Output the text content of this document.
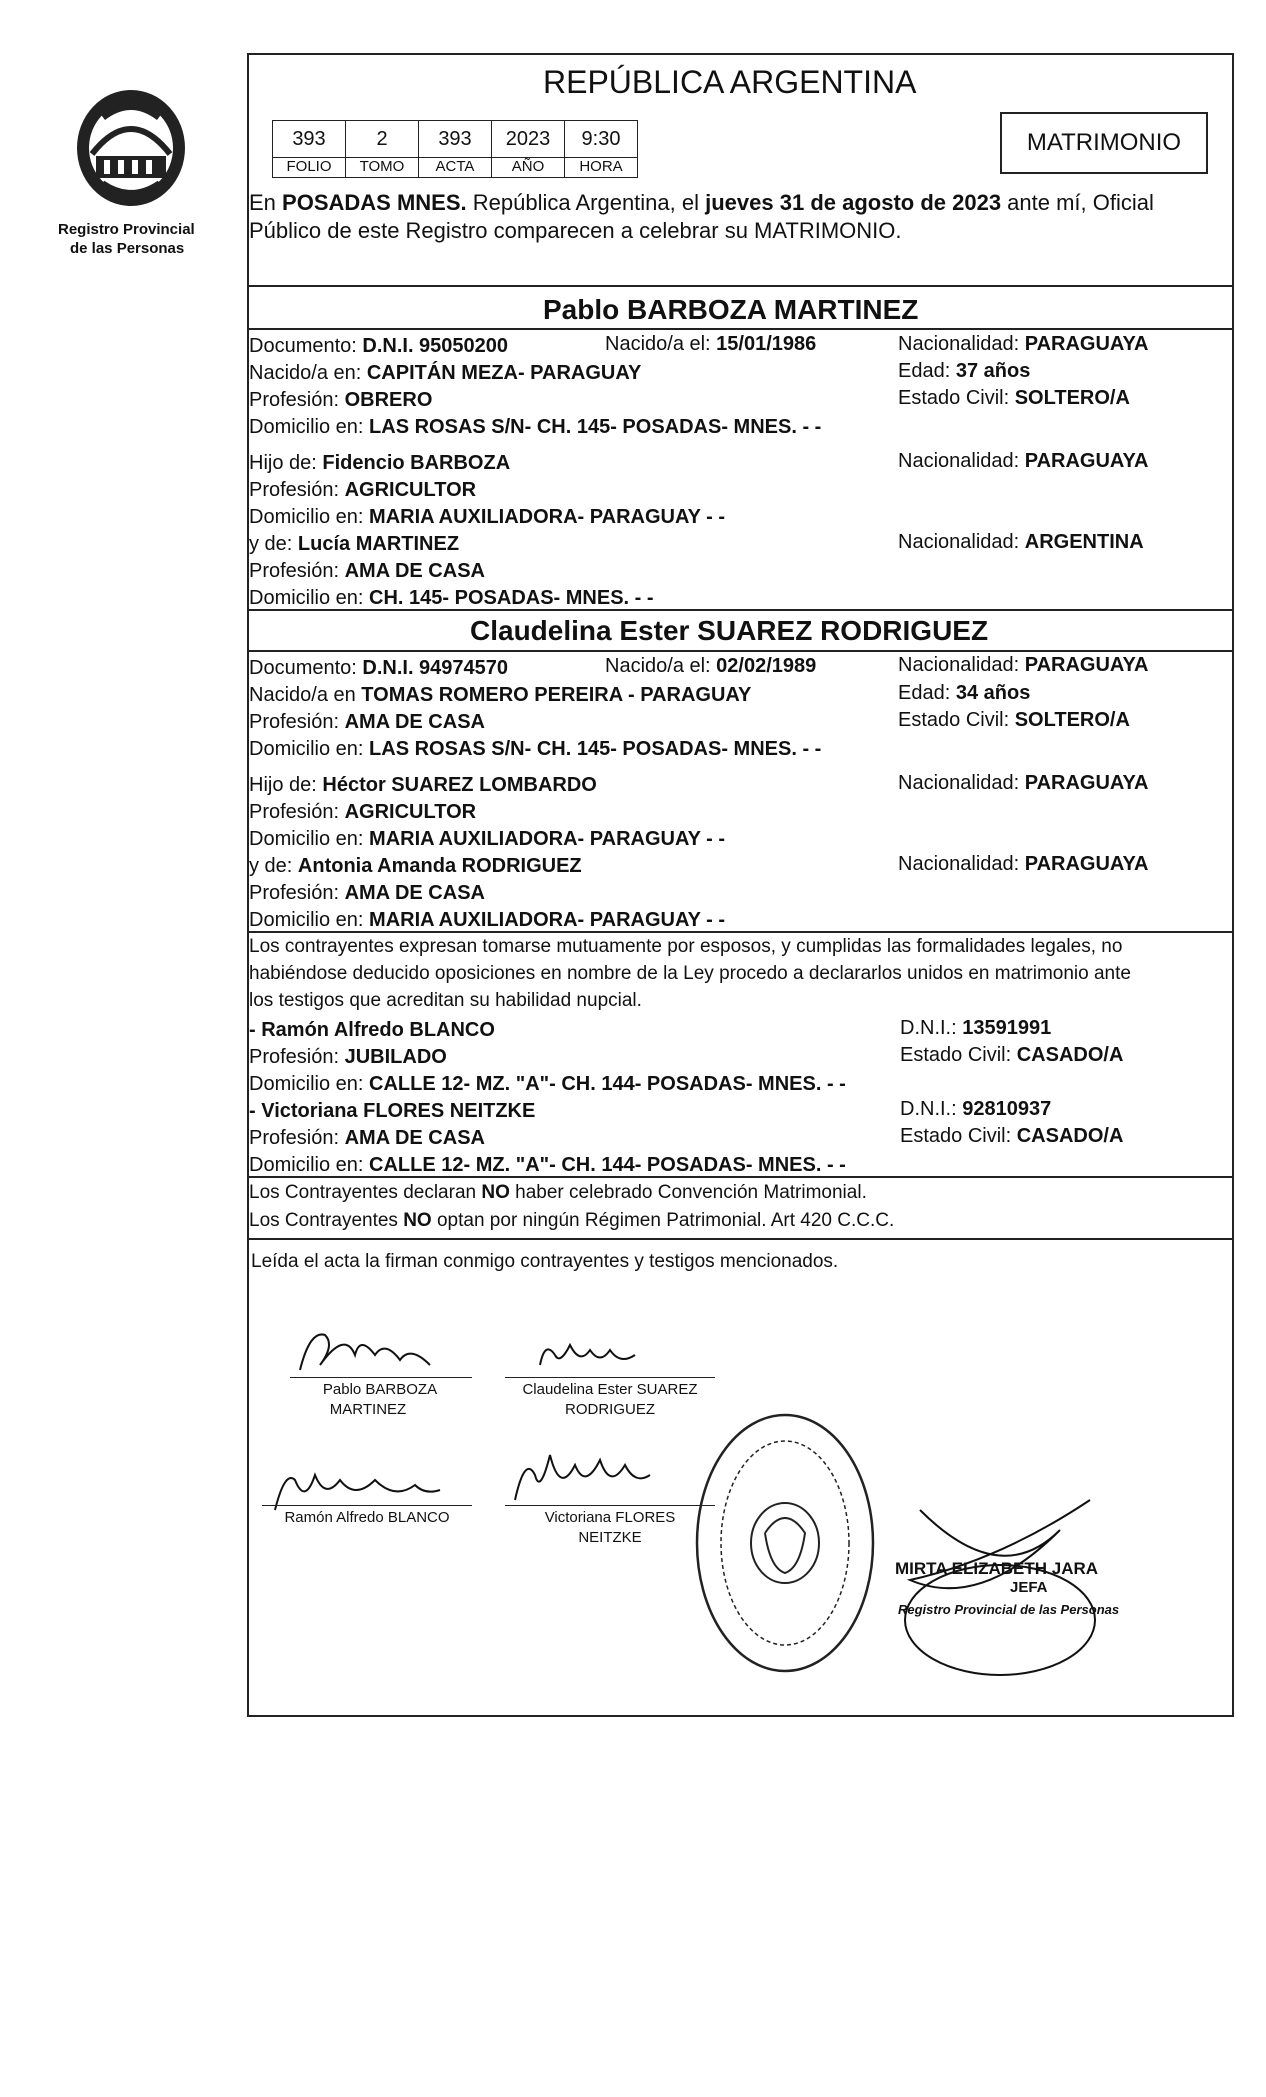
Registro Provincial
de las Personas
REPÚBLICA ARGENTINA
393	2	393	2023	9:30
FOLIO	TOMO	ACTA	AÑO	HORA
MATRIMONIO
En POSADAS MNES. República Argentina, el jueves 31 de agosto de 2023 ante mí, Oficial
Público de este Registro comparecen a celebrar su MATRIMONIO.
Pablo BARBOZA MARTINEZ
Documento: D.N.I. 95050200	Nacido/a el: 15/01/1986	Nacionalidad: PARAGUAYA
Nacido/a en: CAPITÁN MEZA- PARAGUAY	Edad: 37 años
Profesión: OBRERO	Estado Civil: SOLTERO/A
Domicilio en: LAS ROSAS S/N- CH. 145- POSADAS- MNES. - -
Hijo de: Fidencio BARBOZA	Nacionalidad: PARAGUAYA
Profesión: AGRICULTOR
Domicilio en: MARIA AUXILIADORA- PARAGUAY - -
y de: Lucía MARTINEZ	Nacionalidad: ARGENTINA
Profesión: AMA DE CASA
Domicilio en: CH. 145- POSADAS- MNES. - -
Claudelina Ester SUAREZ RODRIGUEZ
Documento: D.N.I. 94974570	Nacido/a el: 02/02/1989	Nacionalidad: PARAGUAYA
Nacido/a en TOMAS ROMERO PEREIRA - PARAGUAY	Edad: 34 años
Profesión: AMA DE CASA	Estado Civil: SOLTERO/A
Domicilio en: LAS ROSAS S/N- CH. 145- POSADAS- MNES. - -
Hijo de: Héctor SUAREZ LOMBARDO	Nacionalidad: PARAGUAYA
Profesión: AGRICULTOR
Domicilio en: MARIA AUXILIADORA- PARAGUAY - -
y de: Antonia Amanda RODRIGUEZ	Nacionalidad: PARAGUAYA
Profesión: AMA DE CASA
Domicilio en: MARIA AUXILIADORA- PARAGUAY - -
Los contrayentes expresan tomarse mutuamente por esposos, y cumplidas las formalidades legales, no
habiéndose deducido oposiciones en nombre de la Ley procedo a declararlos unidos en matrimonio ante
los testigos que acreditan su habilidad nupcial.
- Ramón Alfredo BLANCO	D.N.I.: 13591991
Profesión: JUBILADO	Estado Civil: CASADO/A
Domicilio en: CALLE 12- MZ. "A"- CH. 144- POSADAS- MNES. - -
- Victoriana FLORES NEITZKE	D.N.I.: 92810937
Profesión: AMA DE CASA	Estado Civil: CASADO/A
Domicilio en: CALLE 12- MZ. "A"- CH. 144- POSADAS- MNES. - -
Los Contrayentes declaran NO haber celebrado Convención Matrimonial.
Los Contrayentes NO optan por ningún Régimen Patrimonial. Art 420 C.C.C.
Leída el acta la firman conmigo contrayentes y testigos mencionados.
Pablo BARBOZA
MARTINEZ
Claudelina Ester SUAREZ
RODRIGUEZ
Ramón Alfredo BLANCO	Victoriana FLORES
NEITZKE
MIRTA ELIZABETH JARA
JEFA
Registro Provincial de las Personas
